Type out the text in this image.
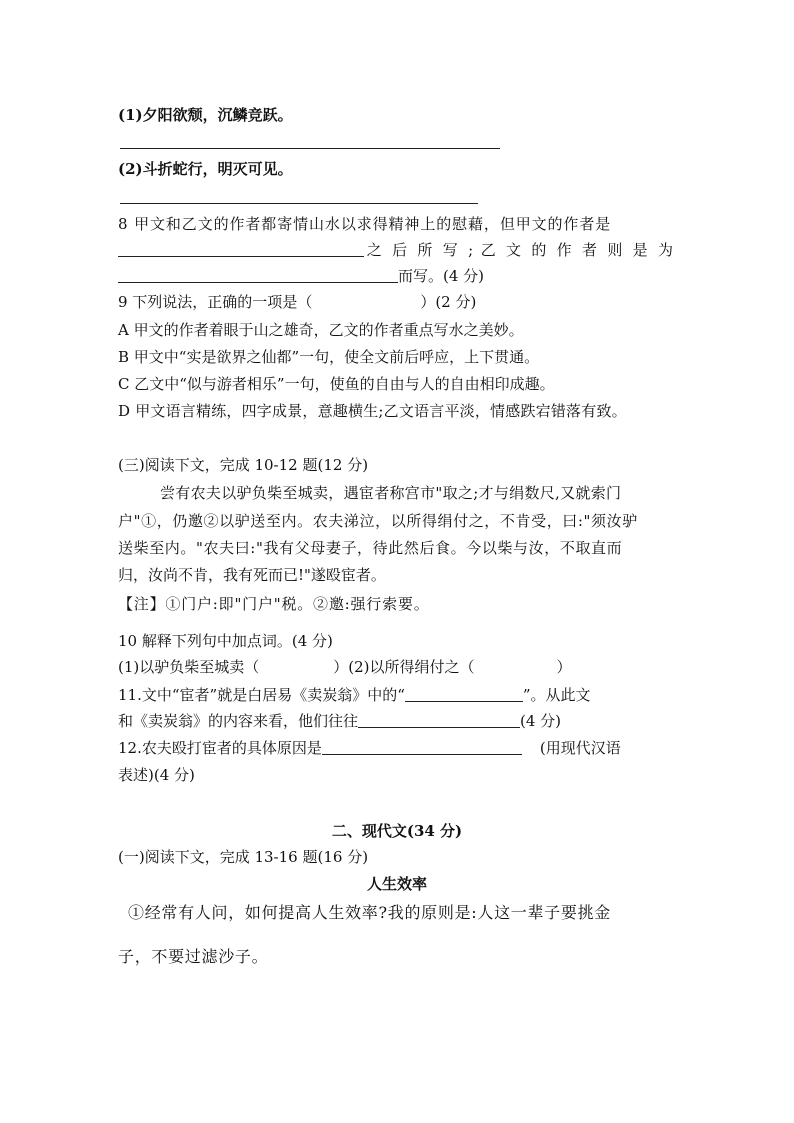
(1)夕阳欲颓，沉鳞竞跃。
(2)斗折蛇行，明灭可见。
8 甲文和乙文的作者都寄情山水以求得精神上的慰藉，但甲文的作者是
之 后 所 写 ; 乙 文 的 作 者 则 是 为
而写。(4 分)
9 下列说法，正确的一项是（	）(2 分)
A 甲文的作者着眼于山之雄奇，乙文的作者重点写水之美妙。
B 甲文中“实是欲界之仙都”一句，使全文前后呼应，上下贯通。
C 乙文中“似与游者相乐”一句，使鱼的自由与人的自由相印成趣。
D 甲文语言精练，四字成景，意趣横生;乙文语言平淡，情感跌宕错落有致。
(三)阅读下文，完成 10-12 题(12 分)
尝有农夫以驴负柴至城卖，遇宦者称宫市"取之;才与绢数尺,又就索门
户"①，仍邀②以驴送至内。农夫涕泣，以所得绢付之，不肯受，曰:"须汝驴
送柴至内。"农夫曰:"我有父母妻子，待此然后食。今以柴与汝，不取直而
归，汝尚不肯，我有死而已!"遂殴宦者。
【注】①门户:即"门户"税。②邀:强行索要。
10 解释下列句中加点词。(4 分)
(1)以驴负柴至城卖（	）(2)以所得绢付之（	）
11.文中“宦者”就是白居易《卖炭翁》中的“	”。从此文
和《卖炭翁》的内容来看，他们往往	(4 分)
12.农夫殴打宦者的具体原因是	(用现代汉语
表述)(4 分)
二、现代文(34 分)
(一)阅读下文，完成 13-16 题(16 分)
人生效率
①经常有人问，如何提高人生效率?我的原则是:人这一辈子要挑金
子，不要过滤沙子。
